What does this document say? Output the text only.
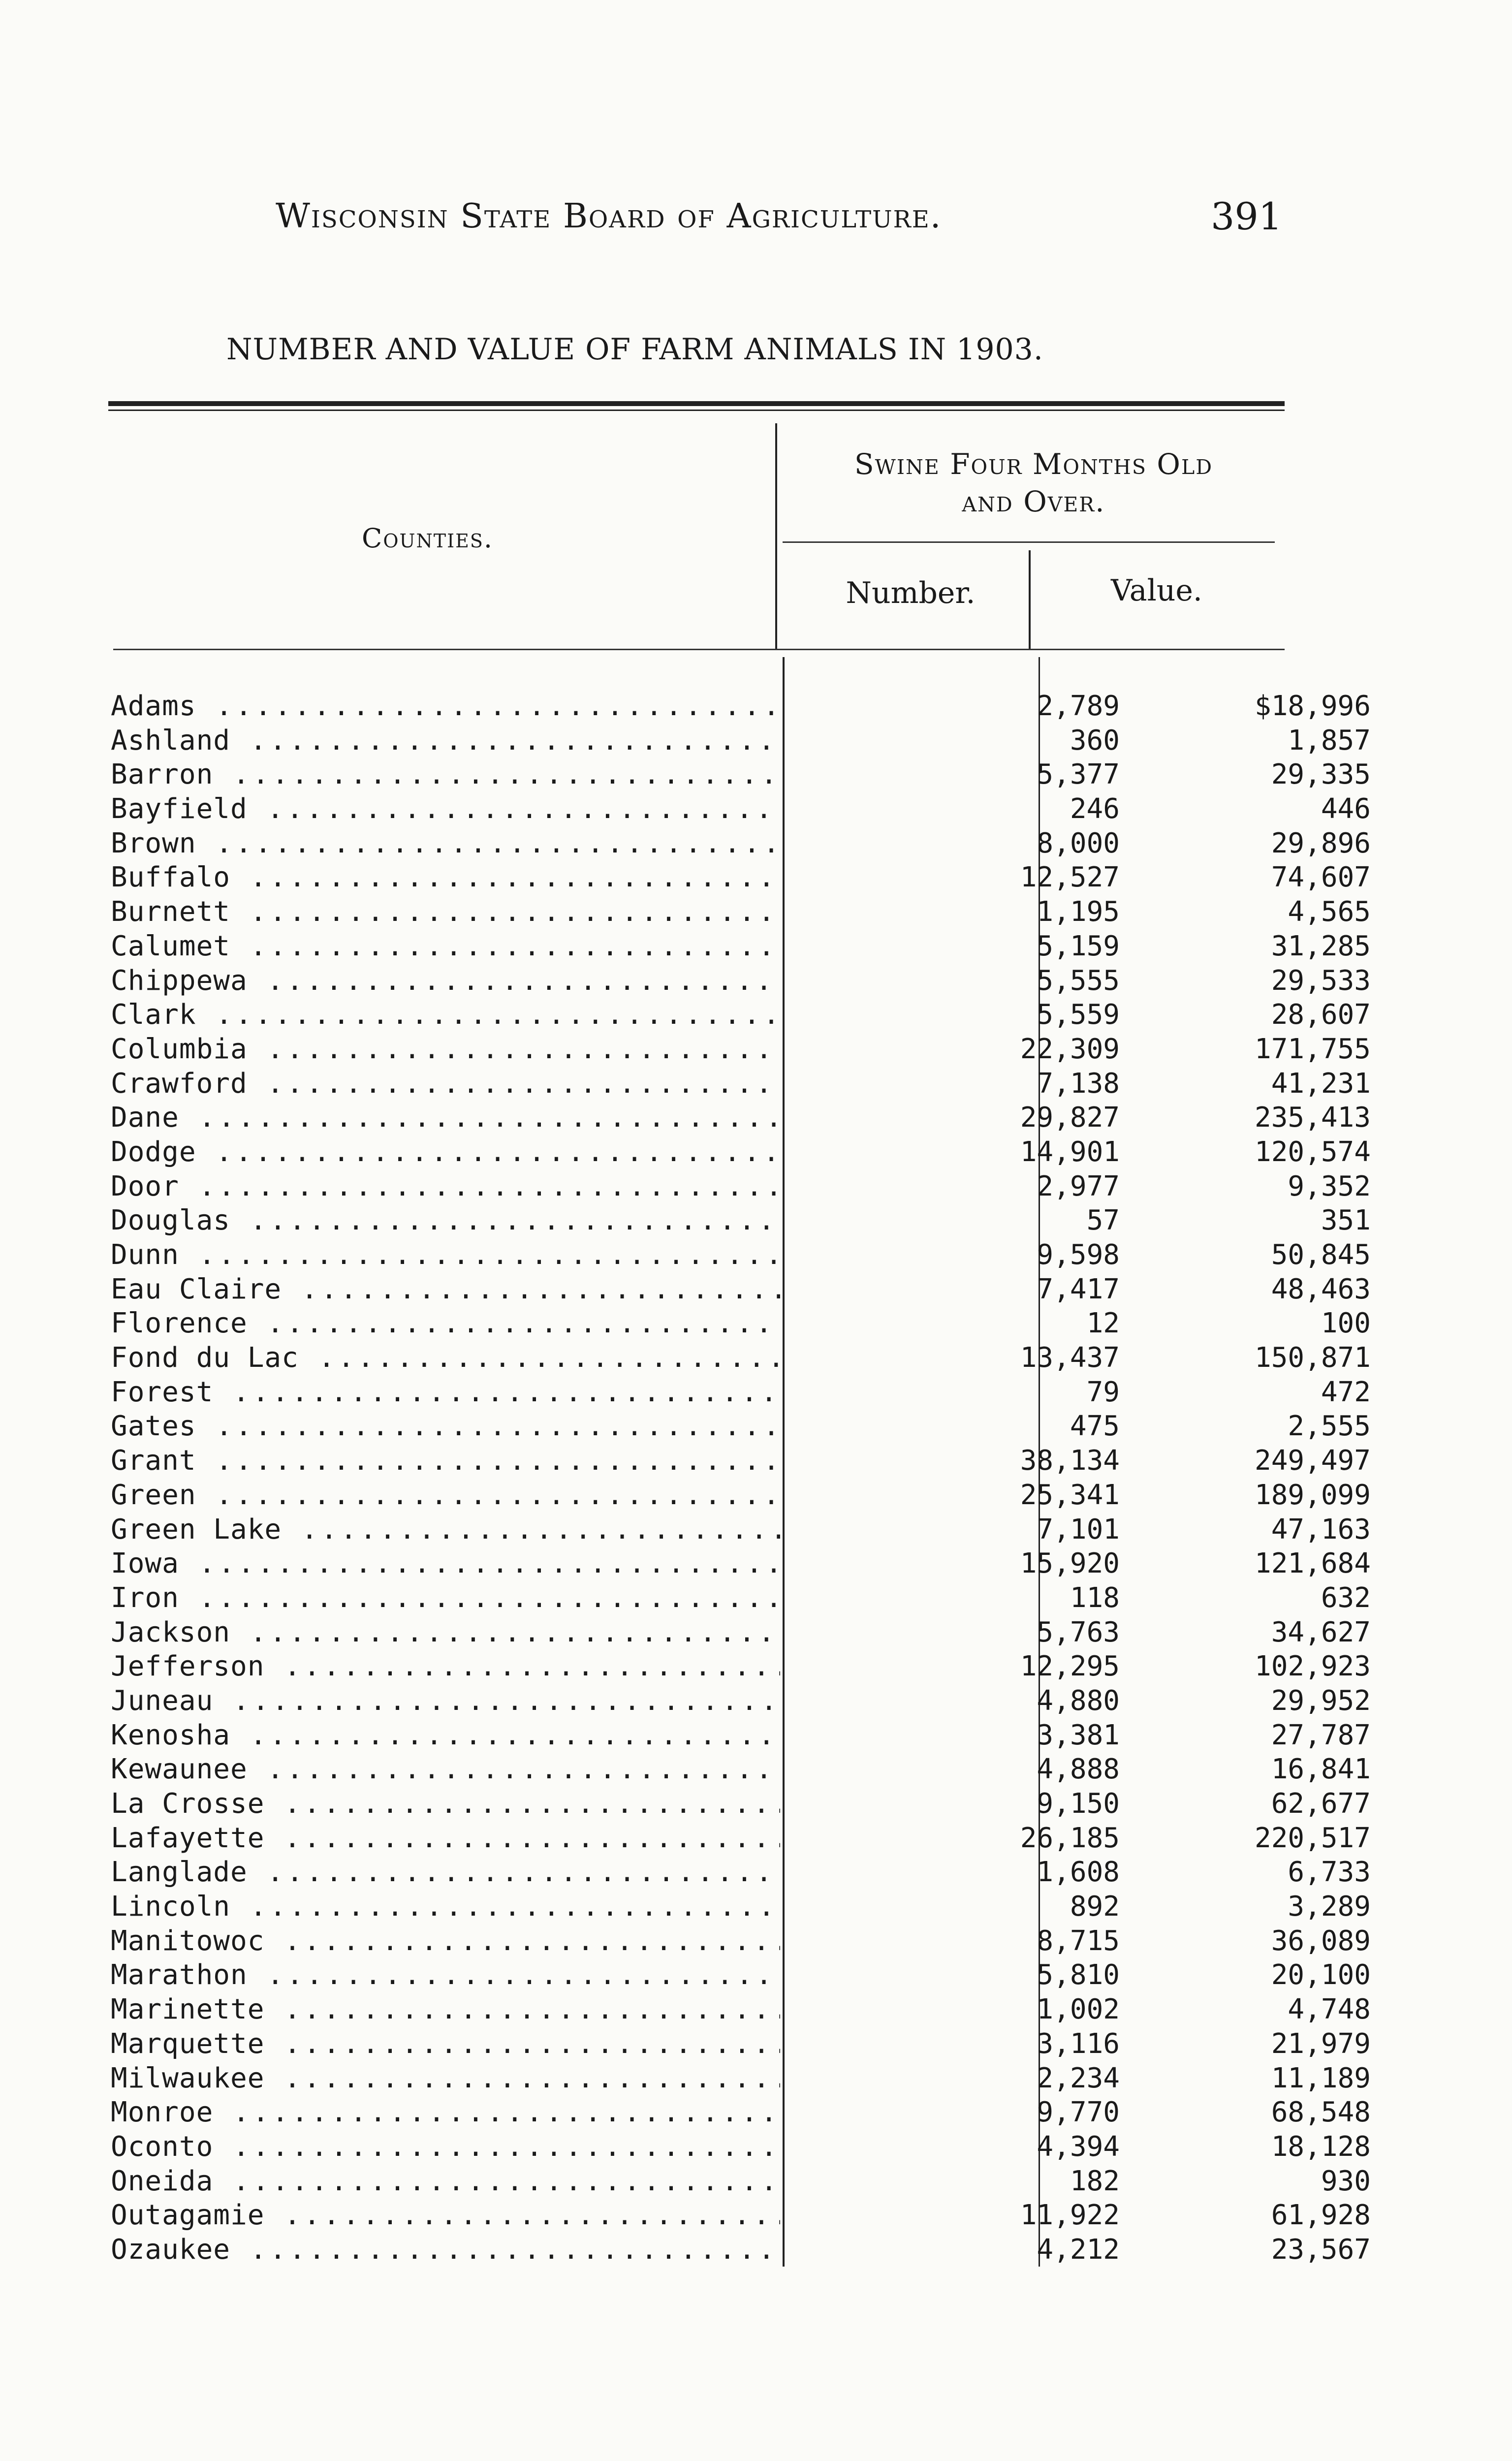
Wisconsin State Board of Agriculture.	391
NUMBER AND VALUE OF FARM ANIMALS IN 1903.
Counties.
Swine Four Months Old
and Over.
Number.	Value.
Adams .....	2,789	$18,996
Ashland .....	360	1,857
Barron .....	5,377	29,335
Bayfield .....	246	446
Brown .....	8,000	29,896
Buffalo .....	12,527	74,607
Burnett .....	1,195	4,565
Calumet .....	5,159	31,285
Chippewa .....	5,555	29,533
Clark .....	5,559	28,607
Columbia .....	22,309	171,755
Crawford .....	7,138	41,231
Dane .....	29,827	235,413
Dodge .....	14,901	120,574
Door .....	2,977	9,352
Douglas .....	57	351
Dunn .....	9,598	50,845
Eau Claire .....	7,417	48,463
Florence .....	12	100
Fond du Lac .....	13,437	150,871
Forest .....	79	472
Gates .....	475	2,555
Grant .....	38,134	249,497
Green .....	25,341	189,099
Green Lake .....	7,101	47,163
Iowa .....	15,920	121,684
Iron .....	118	632
Jackson .....	5,763	34,627
Jefferson .....	12,295	102,923
Juneau .....	4,880	29,952
Kenosha .....	3,381	27,787
Kewaunee .....	4,888	16,841
La Crosse .....	9,150	62,677
Lafayette .....	26,185	220,517
Langlade .....	1,608	6,733
Lincoln .....	892	3,289
Manitowoc .....	8,715	36,089
Marathon .....	5,810	20,100
Marinette .....	1,002	4,748
Marquette .....	3,116	21,979
Milwaukee .....	2,234	11,189
Monroe .....	9,770	68,548
Oconto .....	4,394	18,128
Oneida .....	182	930
Outagamie .....	11,922	61,928
Ozaukee .....	4,212	23,567
